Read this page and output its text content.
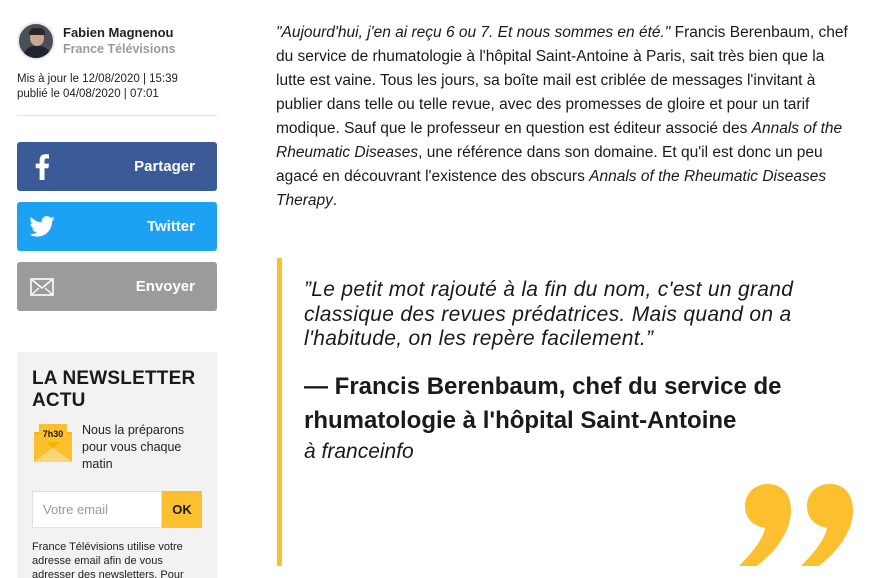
Fabien Magnenou
France Télévisions
Mis à jour le 12/08/2020 | 15:39
publié le 04/08/2020 | 07:01
Partager
Twitter
Envoyer
LA NEWSLETTER ACTU
7h30 Nous la préparons pour vous chaque matin
Votre email
OK
France Télévisions utilise votre adresse email afin de vous adresser des newsletters. Pour
"Aujourd'hui, j'en ai reçu 6 ou 7. Et nous sommes en été." Francis Berenbaum, chef du service de rhumatologie à l'hôpital Saint-Antoine à Paris, sait très bien que la lutte est vaine. Tous les jours, sa boîte mail est criblée de messages l'invitant à publier dans telle ou telle revue, avec des promesses de gloire et pour un tarif modique. Sauf que le professeur en question est éditeur associé des Annals of the Rheumatic Diseases, une référence dans son domaine. Et qu'il est donc un peu agacé en découvrant l'existence des obscurs Annals of the Rheumatic Diseases Therapy.
”Le petit mot rajouté à la fin du nom, c'est un grand classique des revues prédatrices. Mais quand on a l'habitude, on les repère facilement.”
— Francis Berenbaum, chef du service de rhumatologie à l'hôpital Saint-Antoine
à franceinfo
